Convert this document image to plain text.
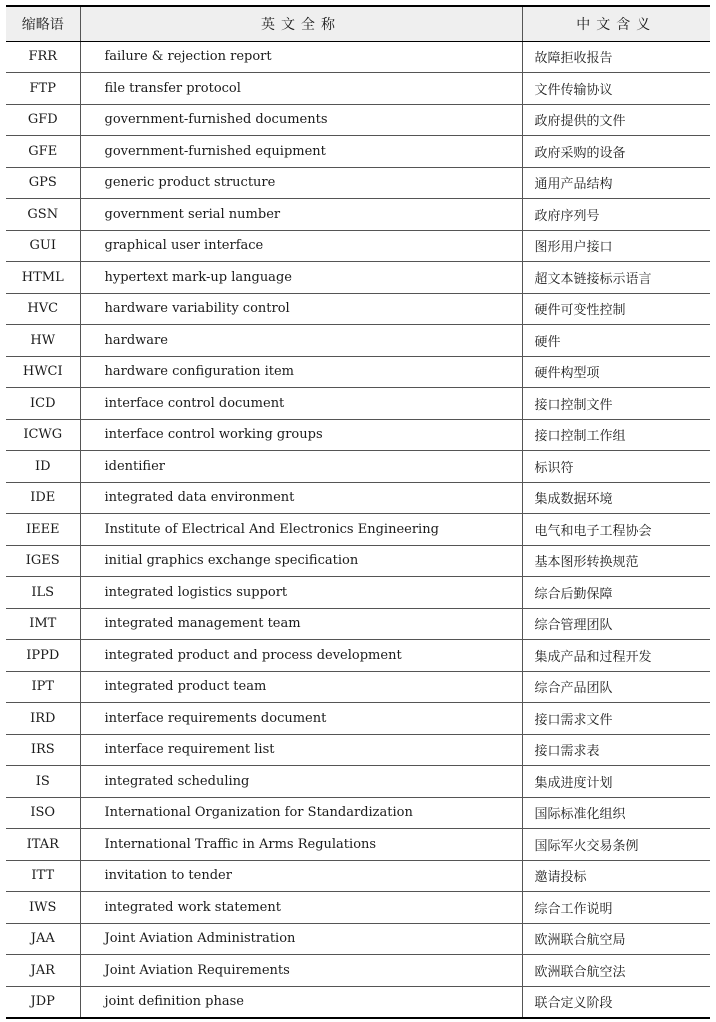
缩略语	英文全称	中文含义
FRR	failure & rejection report	故障拒收报告
FTP	file transfer protocol	文件传输协议
GFD	government-furnished documents	政府提供的文件
GFE	government-furnished equipment	政府采购的设备
GPS	generic product structure	通用产品结构
GSN	government serial number	政府序列号
GUI	graphical user interface	图形用户接口
HTML	hypertext mark-up language	超文本链接标示语言
HVC	hardware variability control	硬件可变性控制
HW	hardware	硬件
HWCI	hardware configuration item	硬件构型项
ICD	interface control document	接口控制文件
ICWG	interface control working groups	接口控制工作组
ID	identifier	标识符
IDE	integrated data environment	集成数据环境
IEEE	Institute of Electrical And Electronics Engineering	电气和电子工程协会
IGES	initial graphics exchange specification	基本图形转换规范
ILS	integrated logistics support	综合后勤保障
IMT	integrated management team	综合管理团队
IPPD	integrated product and process development	集成产品和过程开发
IPT	integrated product team	综合产品团队
IRD	interface requirements document	接口需求文件
IRS	interface requirement list	接口需求表
IS	integrated scheduling	集成进度计划
ISO	International Organization for Standardization	国际标准化组织
ITAR	International Traffic in Arms Regulations	国际军火交易条例
ITT	invitation to tender	邀请投标
IWS	integrated work statement	综合工作说明
JAA	Joint Aviation Administration	欧洲联合航空局
JAR	Joint Aviation Requirements	欧洲联合航空法
JDP	joint definition phase	联合定义阶段
